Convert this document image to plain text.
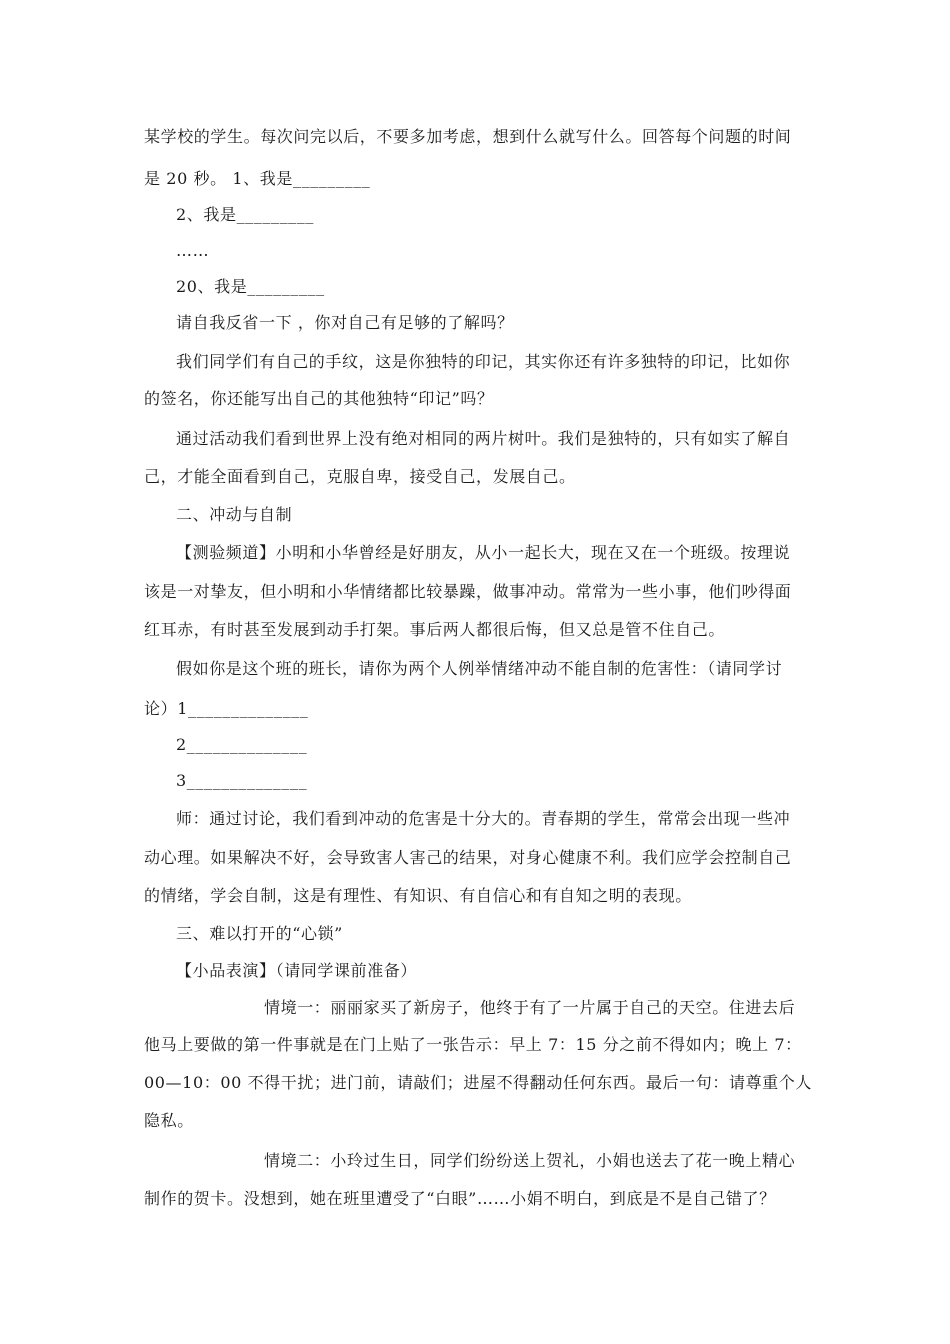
某学校的学生。每次问完以后，不要多加考虑，想到什么就写什么。回答每个问题的时间
是 20 秒。 1、我是_________
2、我是_________
……
20、我是_________
请自我反省一下 ，你对自己有足够的了解吗？
我们同学们有自己的手纹，这是你独特的印记，其实你还有许多独特的印记，比如你
的签名，你还能写出自己的其他独特“印记”吗？
通过活动我们看到世界上没有绝对相同的两片树叶。我们是独特的，只有如实了解自
己，才能全面看到自己，克服自卑，接受自己，发展自己。
二、冲动与自制
【测验频道】小明和小华曾经是好朋友，从小一起长大，现在又在一个班级。按理说
该是一对挚友，但小明和小华情绪都比较暴躁，做事冲动。常常为一些小事，他们吵得面
红耳赤，有时甚至发展到动手打架。事后两人都很后悔，但又总是管不住自己。
假如你是这个班的班长，请你为两个人例举情绪冲动不能自制的危害性：（请同学讨
论）1______________
2______________
3______________
师：通过讨论，我们看到冲动的危害是十分大的。青春期的学生，常常会出现一些冲
动心理。如果解决不好，会导致害人害己的结果，对身心健康不利。我们应学会控制自己
的情绪，学会自制，这是有理性、有知识、有自信心和有自知之明的表现。
三、难以打开的“心锁”
【小品表演】（请同学课前准备）
情境一：丽丽家买了新房子，他终于有了一片属于自己的天空。住进去后
他马上要做的第一件事就是在门上贴了一张告示：早上 7：15 分之前不得如内；晚上 7：
00—10：00 不得干扰；进门前，请敲们；进屋不得翻动任何东西。最后一句：请尊重个人
隐私。
情境二：小玲过生日，同学们纷纷送上贺礼，小娟也送去了花一晚上精心
制作的贺卡。没想到，她在班里遭受了“白眼”……小娟不明白，到底是不是自己错了？
